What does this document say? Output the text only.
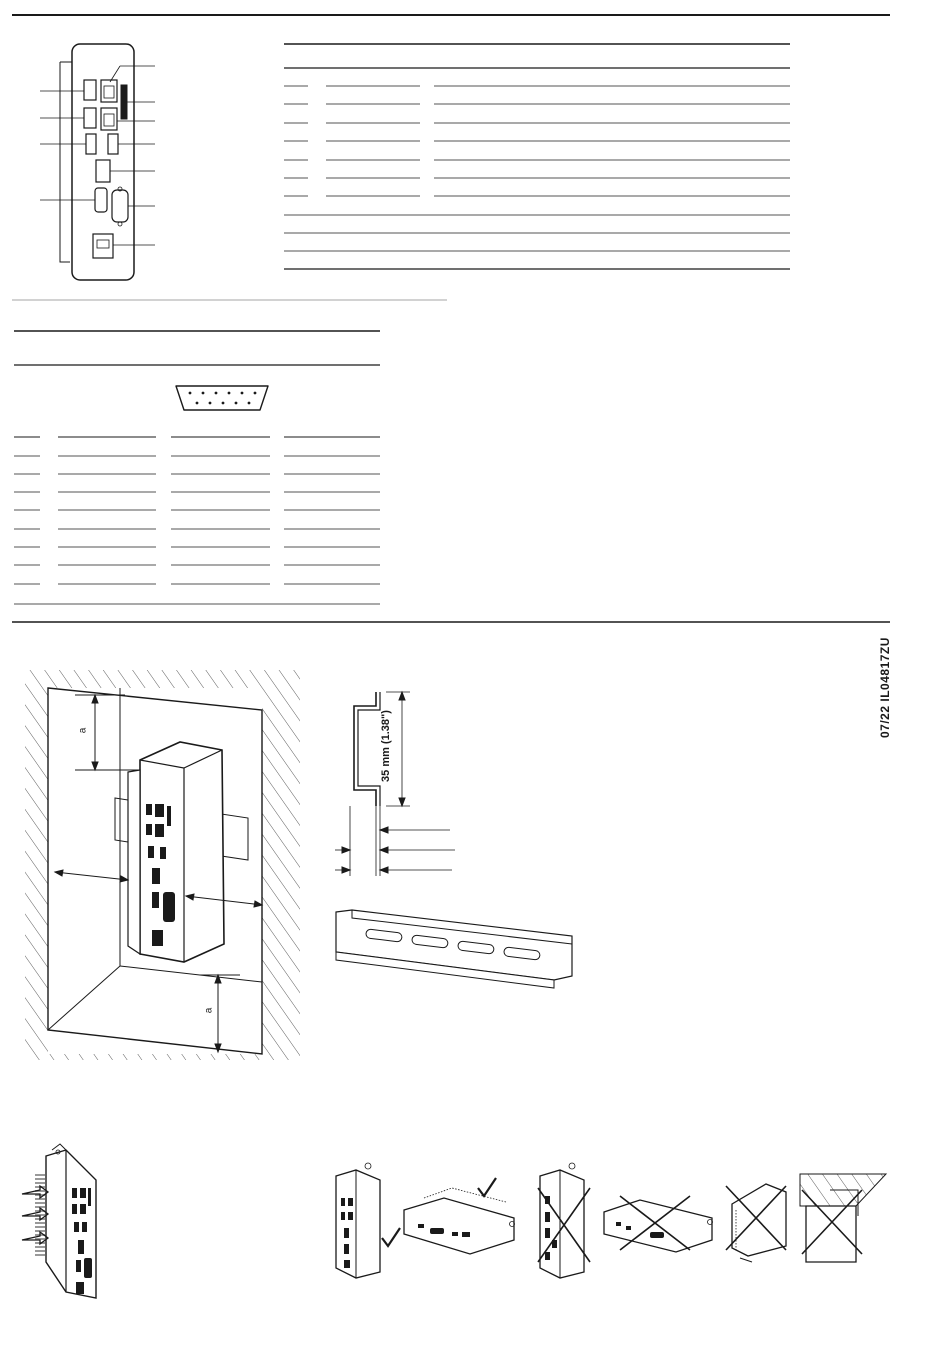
35 mm (1.38")
a
a
07/22 IL04817ZU
